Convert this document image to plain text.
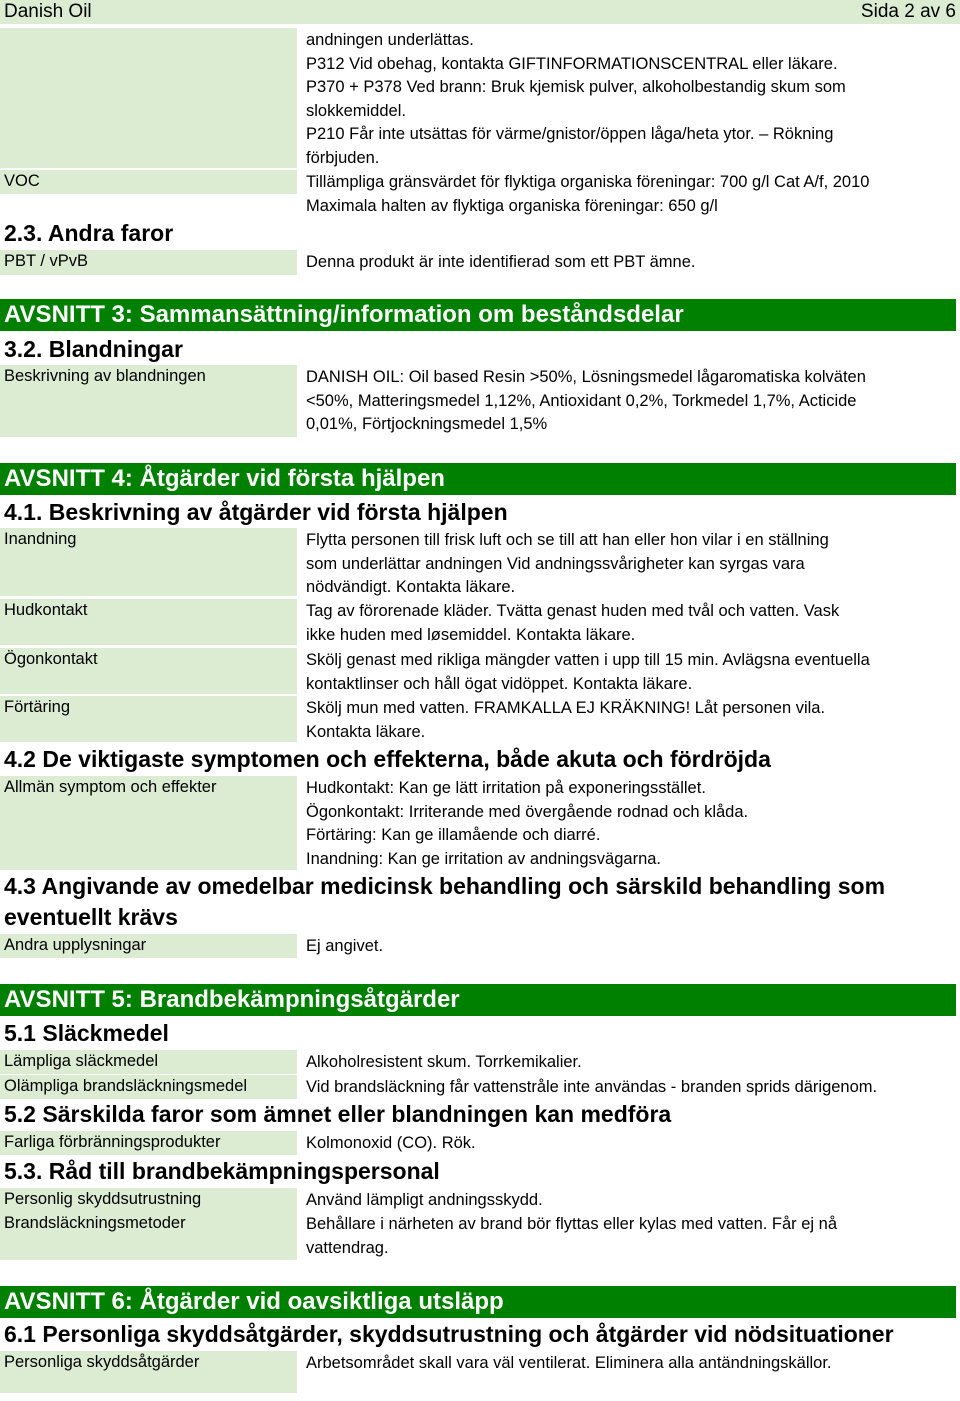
Danish Oil	Sida 2 av 6
andningen underlättas.
P312 Vid obehag, kontakta GIFTINFORMATIONSCENTRAL eller läkare.
P370 + P378 Ved brann: Bruk kjemisk pulver, alkoholbestandig skum som
slokkemiddel.
P210 Får inte utsättas för värme/gnistor/öppen låga/heta ytor. – Rökning
förbjuden.
VOC	Tillämpliga gränsvärdet för flyktiga organiska föreningar: 700 g/l Cat A/f, 2010
Maximala halten av flyktiga organiska föreningar: 650 g/l
2.3. Andra faror
PBT / vPvB	Denna produkt är inte identifierad som ett PBT ämne.
AVSNITT 3: Sammansättning/information om beståndsdelar
3.2. Blandningar
Beskrivning av blandningen	DANISH OIL: Oil based Resin >50%, Lösningsmedel lågaromatiska kolväten
<50%, Matteringsmedel 1,12%, Antioxidant 0,2%, Torkmedel 1,7%, Acticide
0,01%, Förtjockningsmedel 1,5%
AVSNITT 4: Åtgärder vid första hjälpen
4.1. Beskrivning av åtgärder vid första hjälpen
Inandning	Flytta personen till frisk luft och se till att han eller hon vilar i en ställning
som underlättar andningen Vid andningssvårigheter kan syrgas vara
nödvändigt. Kontakta läkare.
Hudkontakt	Tag av förorenade kläder. Tvätta genast huden med tvål och vatten. Vask
ikke huden med løsemiddel. Kontakta läkare.
Ögonkontakt	Skölj genast med rikliga mängder vatten i upp till 15 min. Avlägsna eventuella
kontaktlinser och håll ögat vidöppet. Kontakta läkare.
Förtäring	Skölj mun med vatten. FRAMKALLA EJ KRÄKNING! Låt personen vila.
Kontakta läkare.
4.2 De viktigaste symptomen och effekterna, både akuta och fördröjda
Allmän symptom och effekter	Hudkontakt: Kan ge lätt irritation på exponeringsstället.
Ögonkontakt: Irriterande med övergående rodnad och klåda.
Förtäring: Kan ge illamående och diarré.
Inandning: Kan ge irritation av andningsvägarna.
4.3 Angivande av omedelbar medicinsk behandling och särskild behandling som
eventuellt krävs
Andra upplysningar	Ej angivet.
AVSNITT 5: Brandbekämpningsåtgärder
5.1 Släckmedel
Lämpliga släckmedel	Alkoholresistent skum. Torrkemikalier.
Olämpliga brandsläckningsmedel	Vid brandsläckning får vattenstråle inte användas - branden sprids därigenom.
5.2 Särskilda faror som ämnet eller blandningen kan medföra
Farliga förbränningsprodukter	Kolmonoxid (CO). Rök.
5.3. Råd till brandbekämpningspersonal
Personlig skyddsutrustning	Använd lämpligt andningsskydd.
Brandsläckningsmetoder	Behållare i närheten av brand bör flyttas eller kylas med vatten. Får ej nå
vattendrag.
AVSNITT 6: Åtgärder vid oavsiktliga utsläpp
6.1 Personliga skyddsåtgärder, skyddsutrustning och åtgärder vid nödsituationer
Personliga skyddsåtgärder	Arbetsområdet skall vara väl ventilerat. Eliminera alla antändningskällor.
